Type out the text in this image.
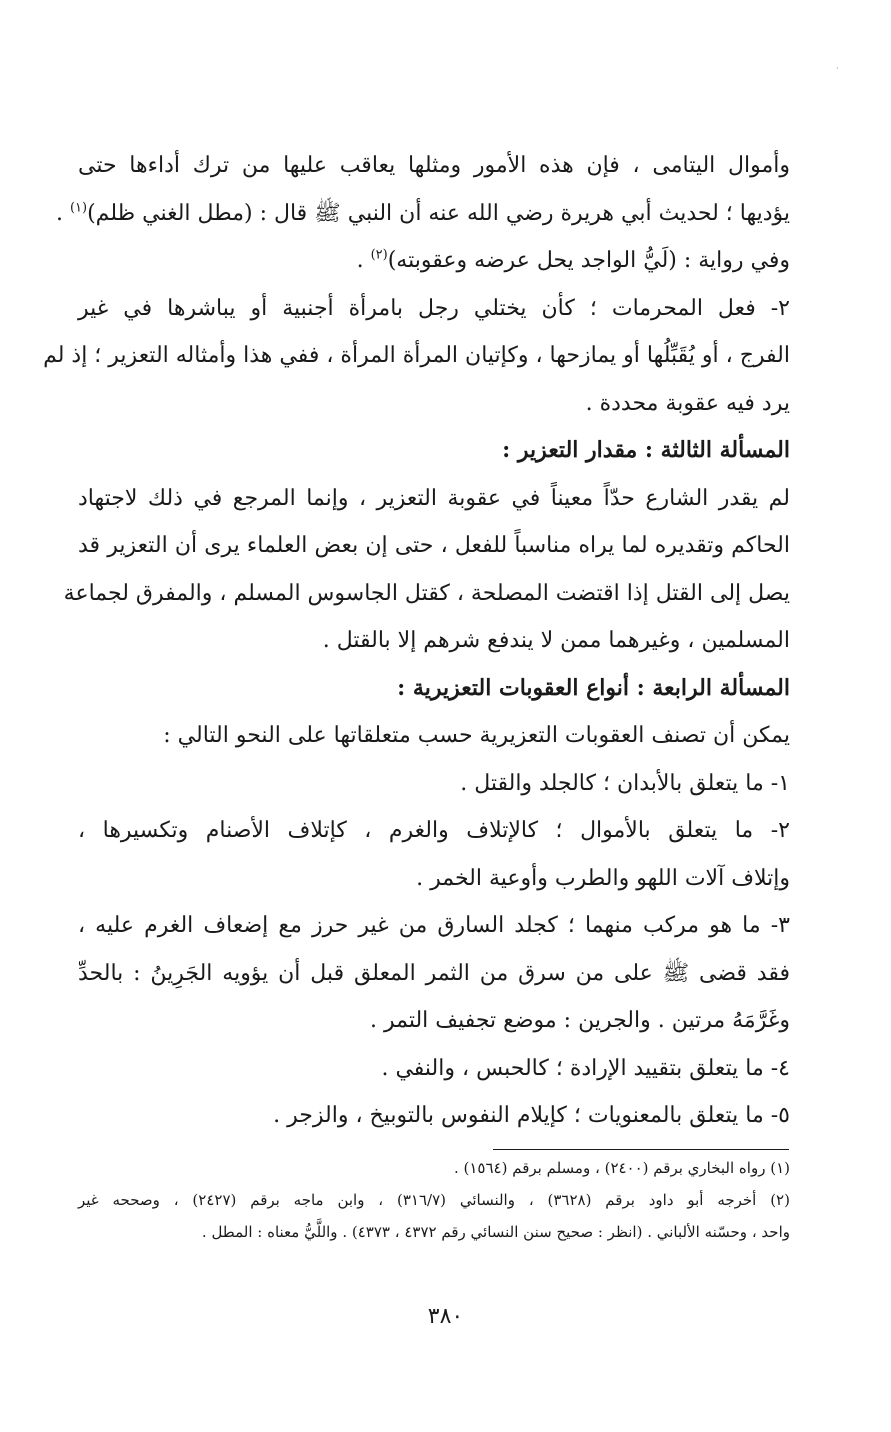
·
وأموال اليتامى ، فإن هذه الأمور ومثلها يعاقب عليها من ترك أداءها حتى
يؤديها ؛ لحديث أبي هريرة رضي الله عنه أن النبي ﷺ قال : (مطل الغني ظلم)$^{(١)}$ .
وفي رواية : (لَيُّ الواجد يحل عرضه وعقوبته)$^{(٢)}$ .
٢- فعل المحرمات ؛ كأن يختلي رجل بامرأة أجنبية أو يباشرها في غير
الفرج ، أو يُقَبِّلُها أو يمازحها ، وكإتيان المرأة المرأة ، ففي هذا وأمثاله التعزير ؛ إذ لم
يرد فيه عقوبة محددة .
المسألة الثالثة : مقدار التعزير :
لم يقدر الشارع حدّاً معيناً في عقوبة التعزير ، وإنما المرجع في ذلك لاجتهاد
الحاكم وتقديره لما يراه مناسباً للفعل ، حتى إن بعض العلماء يرى أن التعزير قد
يصل إلى القتل إذا اقتضت المصلحة ، كقتل الجاسوس المسلم ، والمفرق لجماعة
المسلمين ، وغيرهما ممن لا يندفع شرهم إلا بالقتل .
المسألة الرابعة : أنواع العقوبات التعزيرية :
يمكن أن تصنف العقوبات التعزيرية حسب متعلقاتها على النحو التالي :
١- ما يتعلق بالأبدان ؛ كالجلد والقتل .
٢- ما يتعلق بالأموال ؛ كالإتلاف والغرم ، كإتلاف الأصنام وتكسيرها ،
وإتلاف آلات اللهو والطرب وأوعية الخمر .
٣- ما هو مركب منهما ؛ كجلد السارق من غير حرز مع إضعاف الغرم عليه ،
فقد قضى ﷺ على من سرق من الثمر المعلق قبل أن يؤويه الجَرِينُ : بالحدِّ
وغَرَّمَهُ مرتين . والجرين : موضع تجفيف التمر .
٤- ما يتعلق بتقييد الإرادة ؛ كالحبس ، والنفي .
٥- ما يتعلق بالمعنويات ؛ كإيلام النفوس بالتوبيخ ، والزجر .
(١) رواه البخاري برقم (٢٤٠٠) ، ومسلم برقم (١٥٦٤) .
(٢) أخرجه أبو داود برقم (٣٦٢٨) ، والنسائي (٣١٦/٧) ، وابن ماجه برقم (٢٤٢٧) ، وصححه غير
واحد ، وحسّنه الألباني . (انظر : صحيح سنن النسائي رقم ٤٣٧٢ ، ٤٣٧٣) . واللَّيُّ معناه : المطل .
٣٨٠
